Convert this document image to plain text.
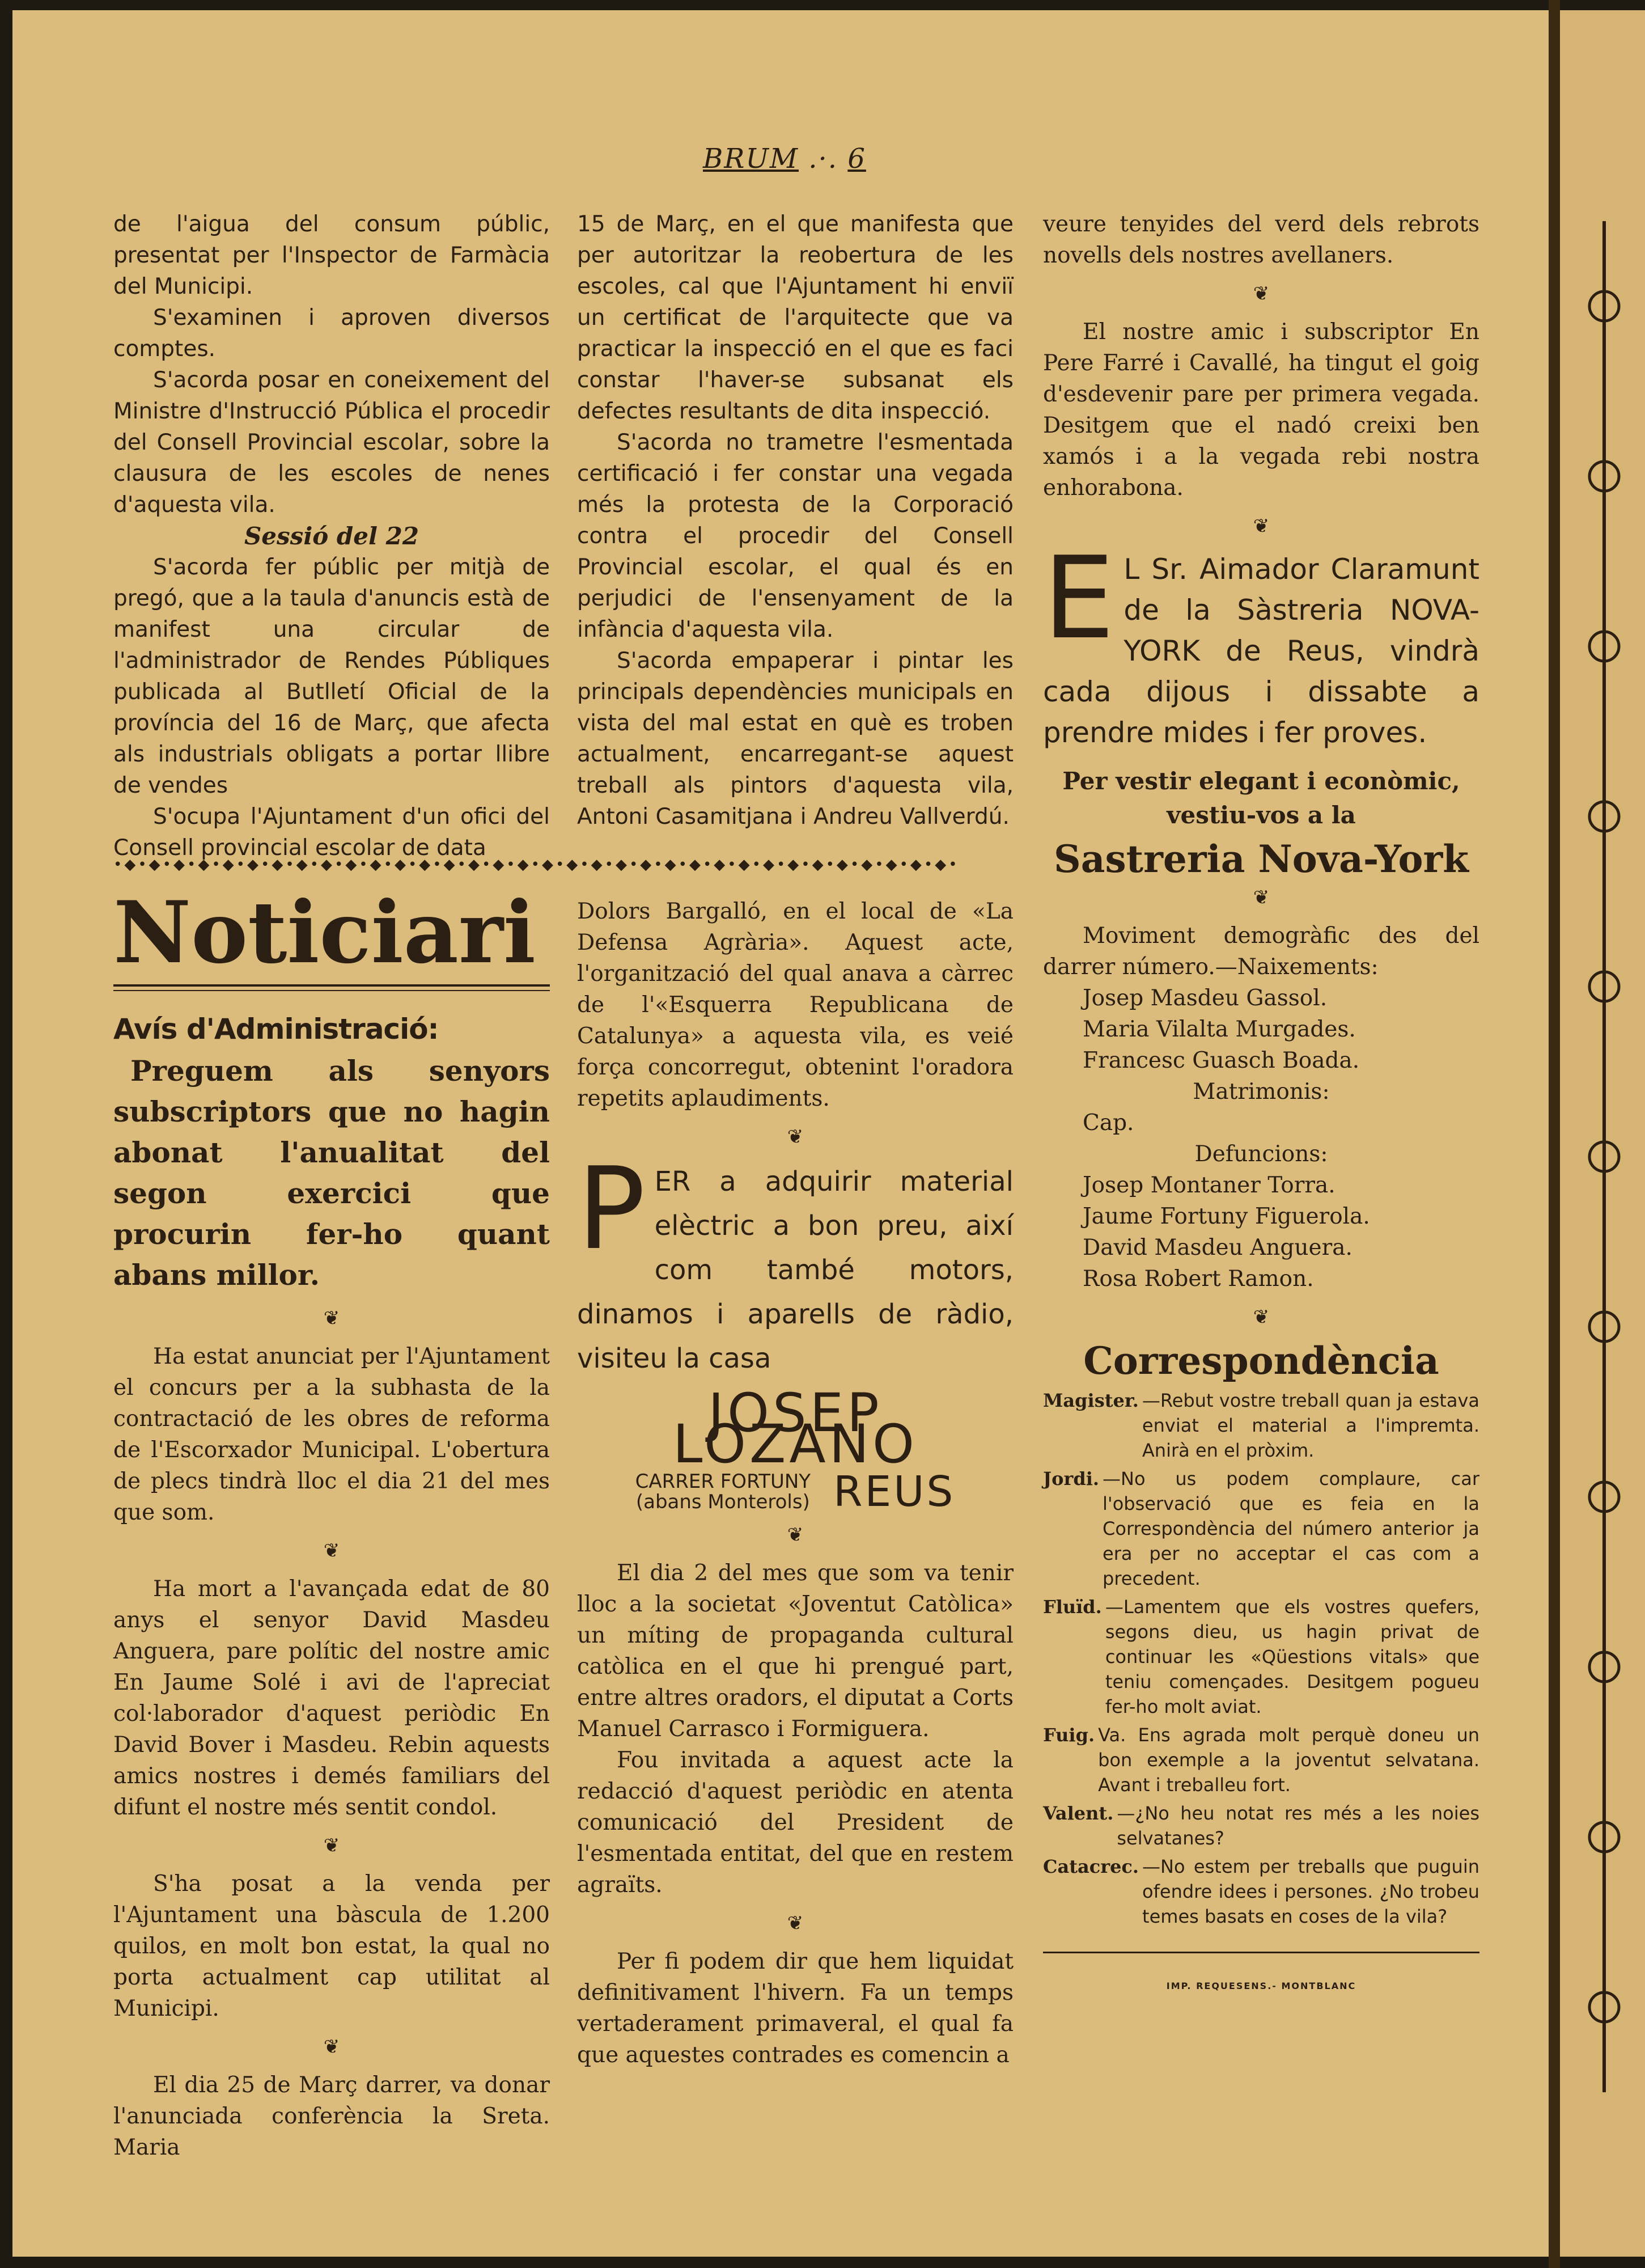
BRUM .·. 6

de l'aigua del consum públic, presentat per l'Inspector de Farmàcia del Municipi.

S'examinen i aproven diversos comptes.

S'acorda posar en coneixement del Ministre d'Instrucció Pública el procedir del Consell Provincial escolar, sobre la clausura de les escoles de nenes d'aquesta vila.

Sessió del 22

S'acorda fer públic per mitjà de pregó, que a la taula d'anuncis està de manifest una circular de l'administrador de Rendes Públiques publicada al Butlletí Oficial de la província del 16 de Març, que afecta als industrials obligats a portar llibre de vendes

S'ocupa l'Ajuntament d'un ofici del Consell provincial escolar de data

15 de Març, en el que manifesta que per autoritzar la reobertura de les escoles, cal que l'Ajuntament hi enviï un certificat de l'arquitecte que va practicar la inspecció en el que es faci constar l'haver-se subsanat els defectes resultants de dita inspecció.

S'acorda no trametre l'esmentada certificació i fer constar una vegada més la protesta de la Corporació contra el procedir del Consell Provincial escolar, el qual és en perjudici de l'ensenyament de la infància d'aquesta vila.

S'acorda empaperar i pintar les principals dependències municipals en vista del mal estat en què es troben actualment, encarregant-se aquest treball als pintors d'aquesta vila, Antoni Casamitjana i Andreu Vallverdú.

veure tenyides del verd dels rebrots novells dels nostres avellaners.

❦

El nostre amic i subscriptor En Pere Farré i Cavallé, ha tingut el goig d'esdevenir pare per primera vegada. Desitgem que el nadó creixi ben xamós i a la vegada rebi nostra enhorabona.

❦
E L Sr. Aimador Claramunt de la Sàstreria NOVA-YORK de Reus, vindrà cada dijous i dissabte a prendre mides i fer proves.
Per vestir elegant i econòmic, vestiu-vos a la
Sastreria Nova-York
❦

Moviment demogràfic des del darrer número.—Naixements:

Josep Masdeu Gassol.

Maria Vilalta Murgades.

Francesc Guasch Boada.

Matrimonis:

Cap.

Defuncions:

Josep Montaner Torra.

Jaume Fortuny Figuerola.

David Masdeu Anguera.

Rosa Robert Ramon.

❦
Correspondència
Magister. —Rebut vostre treball quan ja estava enviat el material a l'impremta. Anirà en el pròxim.
Jordi. —No us podem complaure, car l'observació que es feia en la Correspondència del número anterior ja era per no acceptar el cas com a precedent.
Fluïd. —Lamentem que els vostres quefers, segons dieu, us hagin privat de continuar les «Qüestions vitals» que teniu començades. Desitgem pogueu fer-ho molt aviat.
Fuig. Va. Ens agrada molt perquè doneu un bon exemple a la joventut selvatana. Avant i treballeu fort.
Valent. —¿No heu notat res més a les noies selvatanes?
Catacrec. —No estem per treballs que puguin ofendre idees i persones. ¿No trobeu temes basats en coses de la vila?
IMP. REQUESENS.- MONTBLANC
•◆•◆•◆•◆•◆•◆•◆•◆•◆•◆•◆•◆•◆•◆•◆•◆•◆•◆•◆•◆•◆•◆•◆•◆•◆•◆•◆•◆•◆•◆•◆•◆•◆•◆•
Noticiari
Avís d'Administració:
Preguem als senyors subscriptors que no hagin abonat l'anualitat del segon exercici que procurin fer-ho quant abans millor.
❦

Ha estat anunciat per l'Ajuntament el concurs per a la subhasta de la contractació de les obres de reforma de l'Escorxador Municipal. L'obertura de plecs tindrà lloc el dia 21 del mes que som.

❦

Ha mort a l'avançada edat de 80 anys el senyor David Masdeu Anguera, pare polític del nostre amic En Jaume Solé i avi de l'apreciat col·laborador d'aquest periòdic En David Bover i Masdeu. Rebin aquests amics nostres i demés familiars del difunt el nostre més sentit condol.

❦

S'ha posat a la venda per l'Ajuntament una bàscula de 1.200 quilos, en molt bon estat, la qual no porta actualment cap utilitat al Municipi.

❦

El dia 25 de Març darrer, va donar l'anunciada conferència la Sreta. Maria

Dolors Bargalló, en el local de «La Defensa Agrària». Aquest acte, l'organització del qual anava a càrrec de l'«Esquerra Republicana de Catalunya» a aquesta vila, es veié força concorregut, obtenint l'oradora repetits aplaudiments.

❦
P ER a adquirir material elèctric a bon preu, així com també motors, dinamos i aparells de ràdio, visiteu la casa
JOSEP LOZANO
CARRER FORTUNY
(abans Monterols) REUS
❦

El dia 2 del mes que som va tenir lloc a la societat «Joventut Catòlica» un míting de propaganda cultural catòlica en el que hi prengué part, entre altres oradors, el diputat a Corts Manuel Carrasco i Formiguera.

Fou invitada a aquest acte la redacció d'aquest periòdic en atenta comunicació del President de l'esmentada entitat, del que en restem agraïts.

❦

Per fi podem dir que hem liquidat definitivament l'hivern. Fa un temps vertaderament primaveral, el qual fa que aquestes contrades es comencin a
